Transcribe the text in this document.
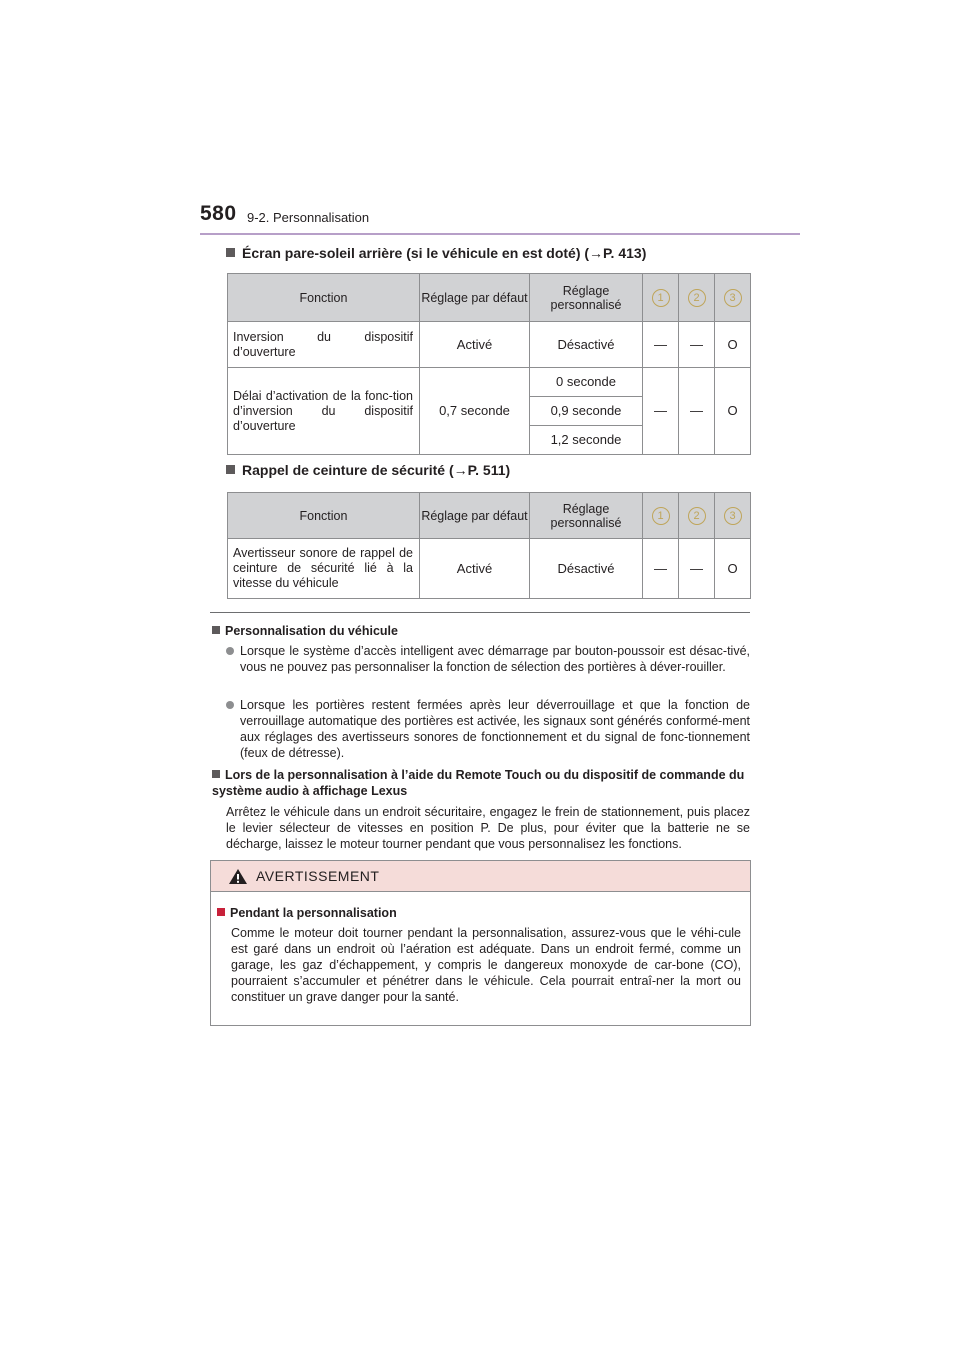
580 9-2. Personnalisation
Écran pare-soleil arrière (si le véhicule en est doté) (→P. 413)
Fonction	Réglage par défaut	Réglage personnalisé	1	2	3
Inversion du dispositif d’ouverture	Activé	Désactivé	—	—	O
Délai d’activation de la fonc-tion d’inversion du dispositif d’ouverture	0,7 seconde	0 seconde	—	—	O
		0,9 seconde			
		1,2 seconde			
Rappel de ceinture de sécurité (→P. 511)
Fonction	Réglage par défaut	Réglage personnalisé	1	2	3
Avertisseur sonore de rappel de ceinture de sécurité lié à la vitesse du véhicule	Activé	Désactivé	—	—	O
Personnalisation du véhicule
Lorsque le système d’accès intelligent avec démarrage par bouton-poussoir est désac-tivé, vous ne pouvez pas personnaliser la fonction de sélection des portières à déver-rouiller.
Lorsque les portières restent fermées après leur déverrouillage et que la fonction de verrouillage automatique des portières est activée, les signaux sont générés conformé-ment aux réglages des avertisseurs sonores de fonctionnement et du signal de fonc-tionnement (feux de détresse).
Lors de la personnalisation à l’aide du Remote Touch ou du dispositif de commande du système audio à affichage Lexus
Arrêtez le véhicule dans un endroit sécuritaire, engagez le frein de stationnement, puis placez le levier sélecteur de vitesses en position P. De plus, pour éviter que la batterie ne se décharge, laissez le moteur tourner pendant que vous personnalisez les fonctions.
AVERTISSEMENT
Pendant la personnalisation
Comme le moteur doit tourner pendant la personnalisation, assurez-vous que le véhi-cule est garé dans un endroit où l’aération est adéquate. Dans un endroit fermé, comme un garage, les gaz d’échappement, y compris le dangereux monoxyde de car-bone (CO), pourraient s’accumuler et pénétrer dans le véhicule. Cela pourrait entraî-ner la mort ou constituer un grave danger pour la santé.
